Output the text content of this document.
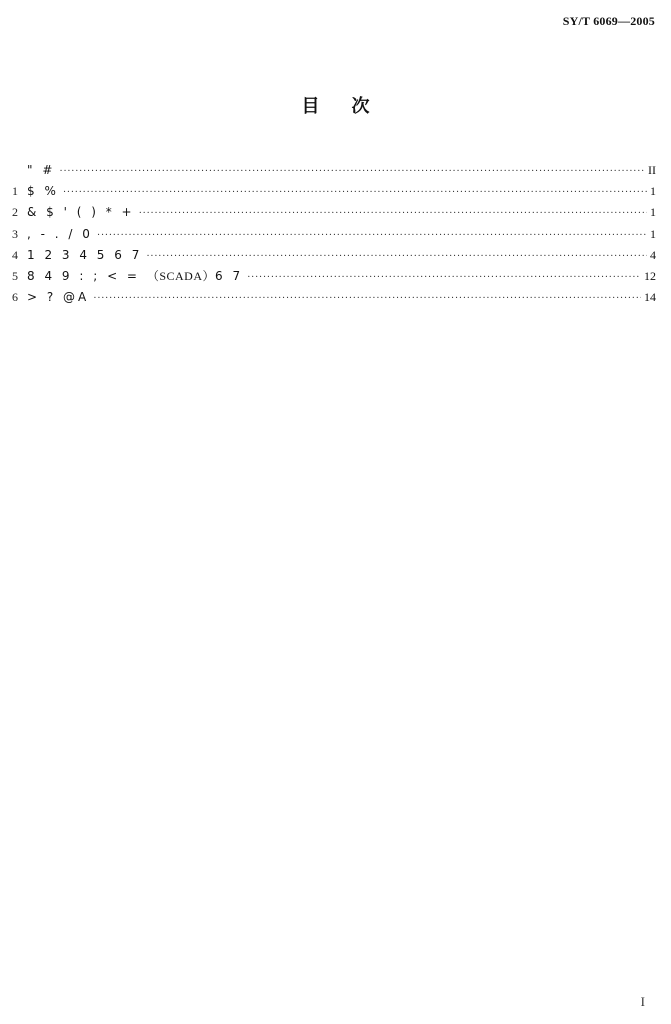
SY/T 6069—2005
目次
" # ·····	II
1 $ % ·····	1
2 & $ ' ( ) * + ·····	1
3 , - . / 0 ·····	1
4 1 2 3 4 5 6 7 ·····	4
5 8 4 9 : ; < = （SCADA）6 7 ·····	12
6 > ? @A ·····	14
I
